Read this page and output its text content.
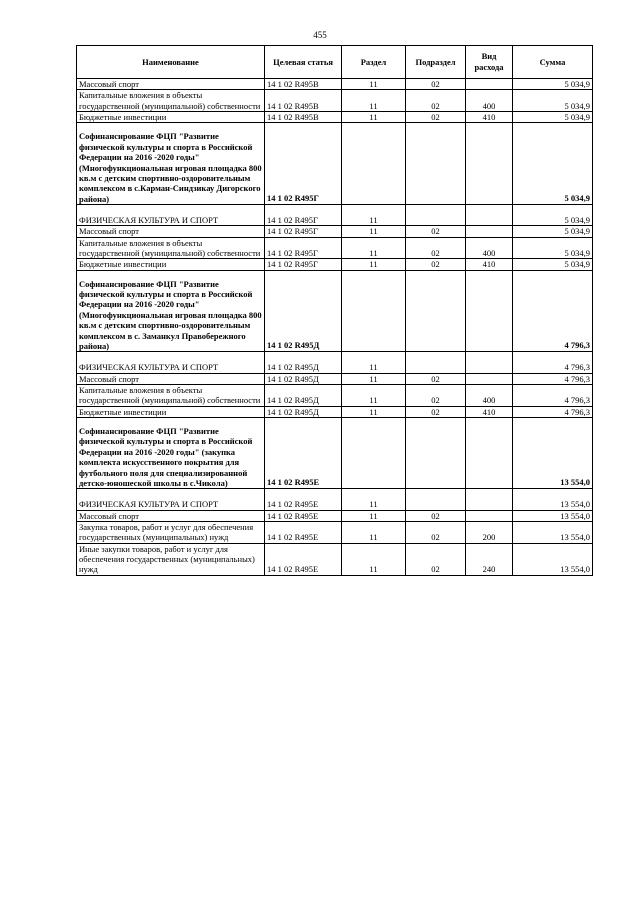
455
Наименование	Целевая статья	Раздел	Подраздел	Вид расхода	Сумма
Массовый спорт	14 1 02 R495В	11	02		5 034,9
Капитальные вложения в объекты государственной (муниципальной) собственности	14 1 02 R495В	11	02	400	5 034,9
Бюджетные инвестиции	14 1 02 R495В	11	02	410	5 034,9
Софинансирование ФЦП "Развитие физической культуры и спорта в Российской Федерации на 2016 -2020 годы" (Многофункциональная игровая площадка 800 кв.м с детским спортивно-оздоровительным комплексом в с.Карман-Синдзикау Дигорского района)	14 1 02 R495Г				5 034,9
ФИЗИЧЕСКАЯ КУЛЬТУРА И СПОРТ	14 1 02 R495Г	11			5 034,9
Массовый спорт	14 1 02 R495Г	11	02		5 034,9
Капитальные вложения в объекты государственной (муниципальной) собственности	14 1 02 R495Г	11	02	400	5 034,9
Бюджетные инвестиции	14 1 02 R495Г	11	02	410	5 034,9
Софинансирование ФЦП "Развитие физической культуры и спорта в Российской Федерации на 2016 -2020 годы" (Многофункциональная игровая площадка 800 кв.м с детским спортивно-оздоровительным комплексом в с. Заманкул Правобережного района)	14 1 02 R495Д				4 796,3
ФИЗИЧЕСКАЯ КУЛЬТУРА И СПОРТ	14 1 02 R495Д	11			4 796,3
Массовый спорт	14 1 02 R495Д	11	02		4 796,3
Капитальные вложения в объекты государственной (муниципальной) собственности	14 1 02 R495Д	11	02	400	4 796,3
Бюджетные инвестиции	14 1 02 R495Д	11	02	410	4 796,3
Софинансирование ФЦП "Развитие физической культуры и спорта в Российской Федерации на 2016 -2020 годы" (закупка комплекта искусственного покрытия для футбольного поля для специализированной детско-юношеской школы в с.Чикола)	14 1 02 R495Е				13 554,0
ФИЗИЧЕСКАЯ КУЛЬТУРА И СПОРТ	14 1 02 R495Е	11			13 554,0
Массовый спорт	14 1 02 R495Е	11	02		13 554,0
Закупка товаров, работ и услуг для обеспечения государственных (муниципальных) нужд	14 1 02 R495Е	11	02	200	13 554,0
Иные закупки товаров, работ и услуг для обеспечения государственных (муниципальных) нужд	14 1 02 R495Е	11	02	240	13 554,0
